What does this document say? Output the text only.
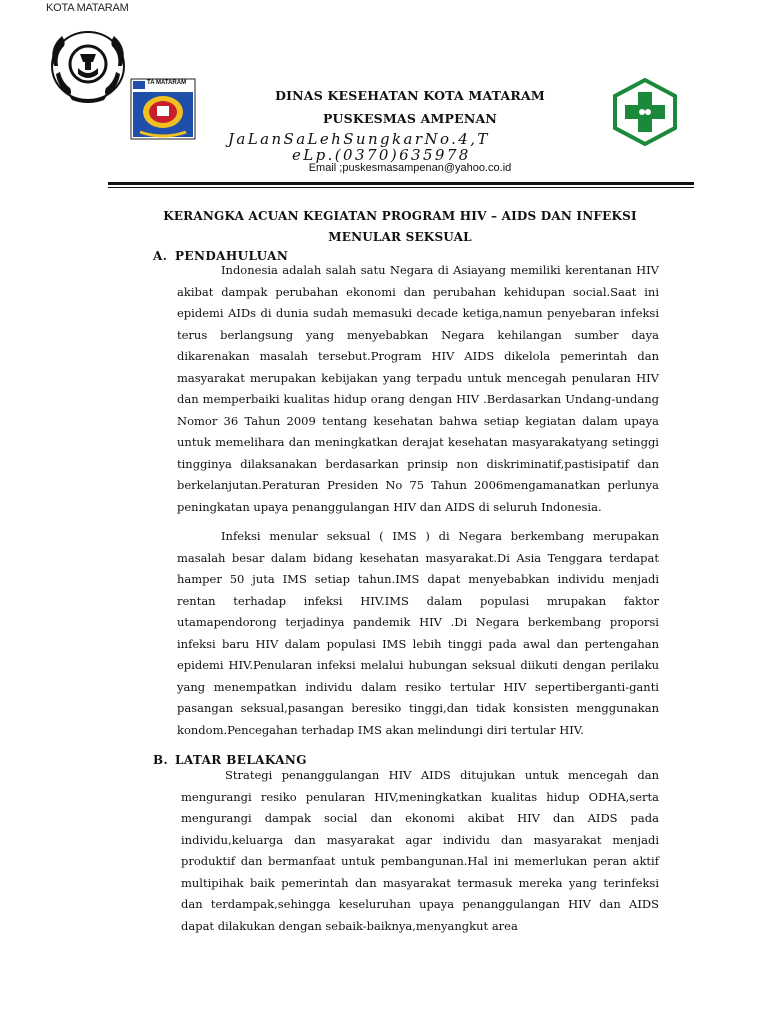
KOTA MATARAM
TA MATARAM
DINAS KESEHATAN KOTA MATARAM
PUSKESMAS AMPENAN
JaLanSaLehSungkarNo.4,T
eLp.(0370)635978
Email ;puskesmasampenan@yahoo.co.id
KERANGKA ACUAN KEGIATAN PROGRAM HIV – AIDS DAN INFEKSI
MENULAR SEKSUAL
A. PENDAHULUAN

Indonesia adalah salah satu Negara di Asiayang memiliki kerentanan HIV akibat dampak perubahan ekonomi dan perubahan kehidupan social.Saat ini epidemi AIDs di dunia sudah memasuki decade ketiga,namun penyebaran infeksi terus berlangsung yang menyebabkan Negara kehilangan sumber daya dikarenakan masalah tersebut.Program HIV AIDS dikelola pemerintah dan masyarakat merupakan kebijakan yang terpadu untuk mencegah penularan HIV dan memperbaiki kualitas hidup orang dengan HIV .Berdasarkan Undang-undang Nomor 36 Tahun 2009 tentang kesehatan bahwa setiap kegiatan dalam upaya untuk memelihara dan meningkatkan derajat kesehatan masyarakatyang setinggi tingginya dilaksanakan berdasarkan prinsip non diskriminatif,pastisipatif dan berkelanjutan.Peraturan Presiden No 75 Tahun 2006mengamanatkan perlunya peningkatan upaya penanggulangan HIV dan AIDS di seluruh Indonesia.

Infeksi menular seksual ( IMS ) di Negara berkembang merupakan masalah besar dalam bidang kesehatan masyarakat.Di Asia Tenggara terdapat hamper 50 juta IMS setiap tahun.IMS dapat menyebabkan individu menjadi rentan terhadap infeksi HIV.IMS dalam populasi mrupakan faktor utamapendorong terjadinya pandemik HIV .Di Negara berkembang proporsi infeksi baru HIV dalam populasi IMS lebih tinggi pada awal dan pertengahan epidemi HIV.Penularan infeksi melalui hubungan seksual diikuti dengan perilaku yang menempatkan individu dalam resiko tertular HIV sepertiberganti-ganti pasangan seksual,pasangan beresiko tinggi,dan tidak konsisten menggunakan kondom.Pencegahan terhadap IMS akan melindungi diri tertular HIV.

B. LATAR BELAKANG

Strategi penanggulangan HIV AIDS ditujukan untuk mencegah dan mengurangi resiko penularan HIV,meningkatkan kualitas hidup ODHA,serta mengurangi dampak social dan ekonomi akibat HIV dan AIDS pada individu,keluarga dan masyarakat agar individu dan masyarakat menjadi produktif dan bermanfaat untuk pembangunan.Hal ini memerlukan peran aktif multipihak baik pemerintah dan masyarakat termasuk mereka yang terinfeksi dan terdampak,sehingga keseluruhan upaya penanggulangan HIV dan AIDS dapat dilakukan dengan sebaik-baiknya,menyangkut area
